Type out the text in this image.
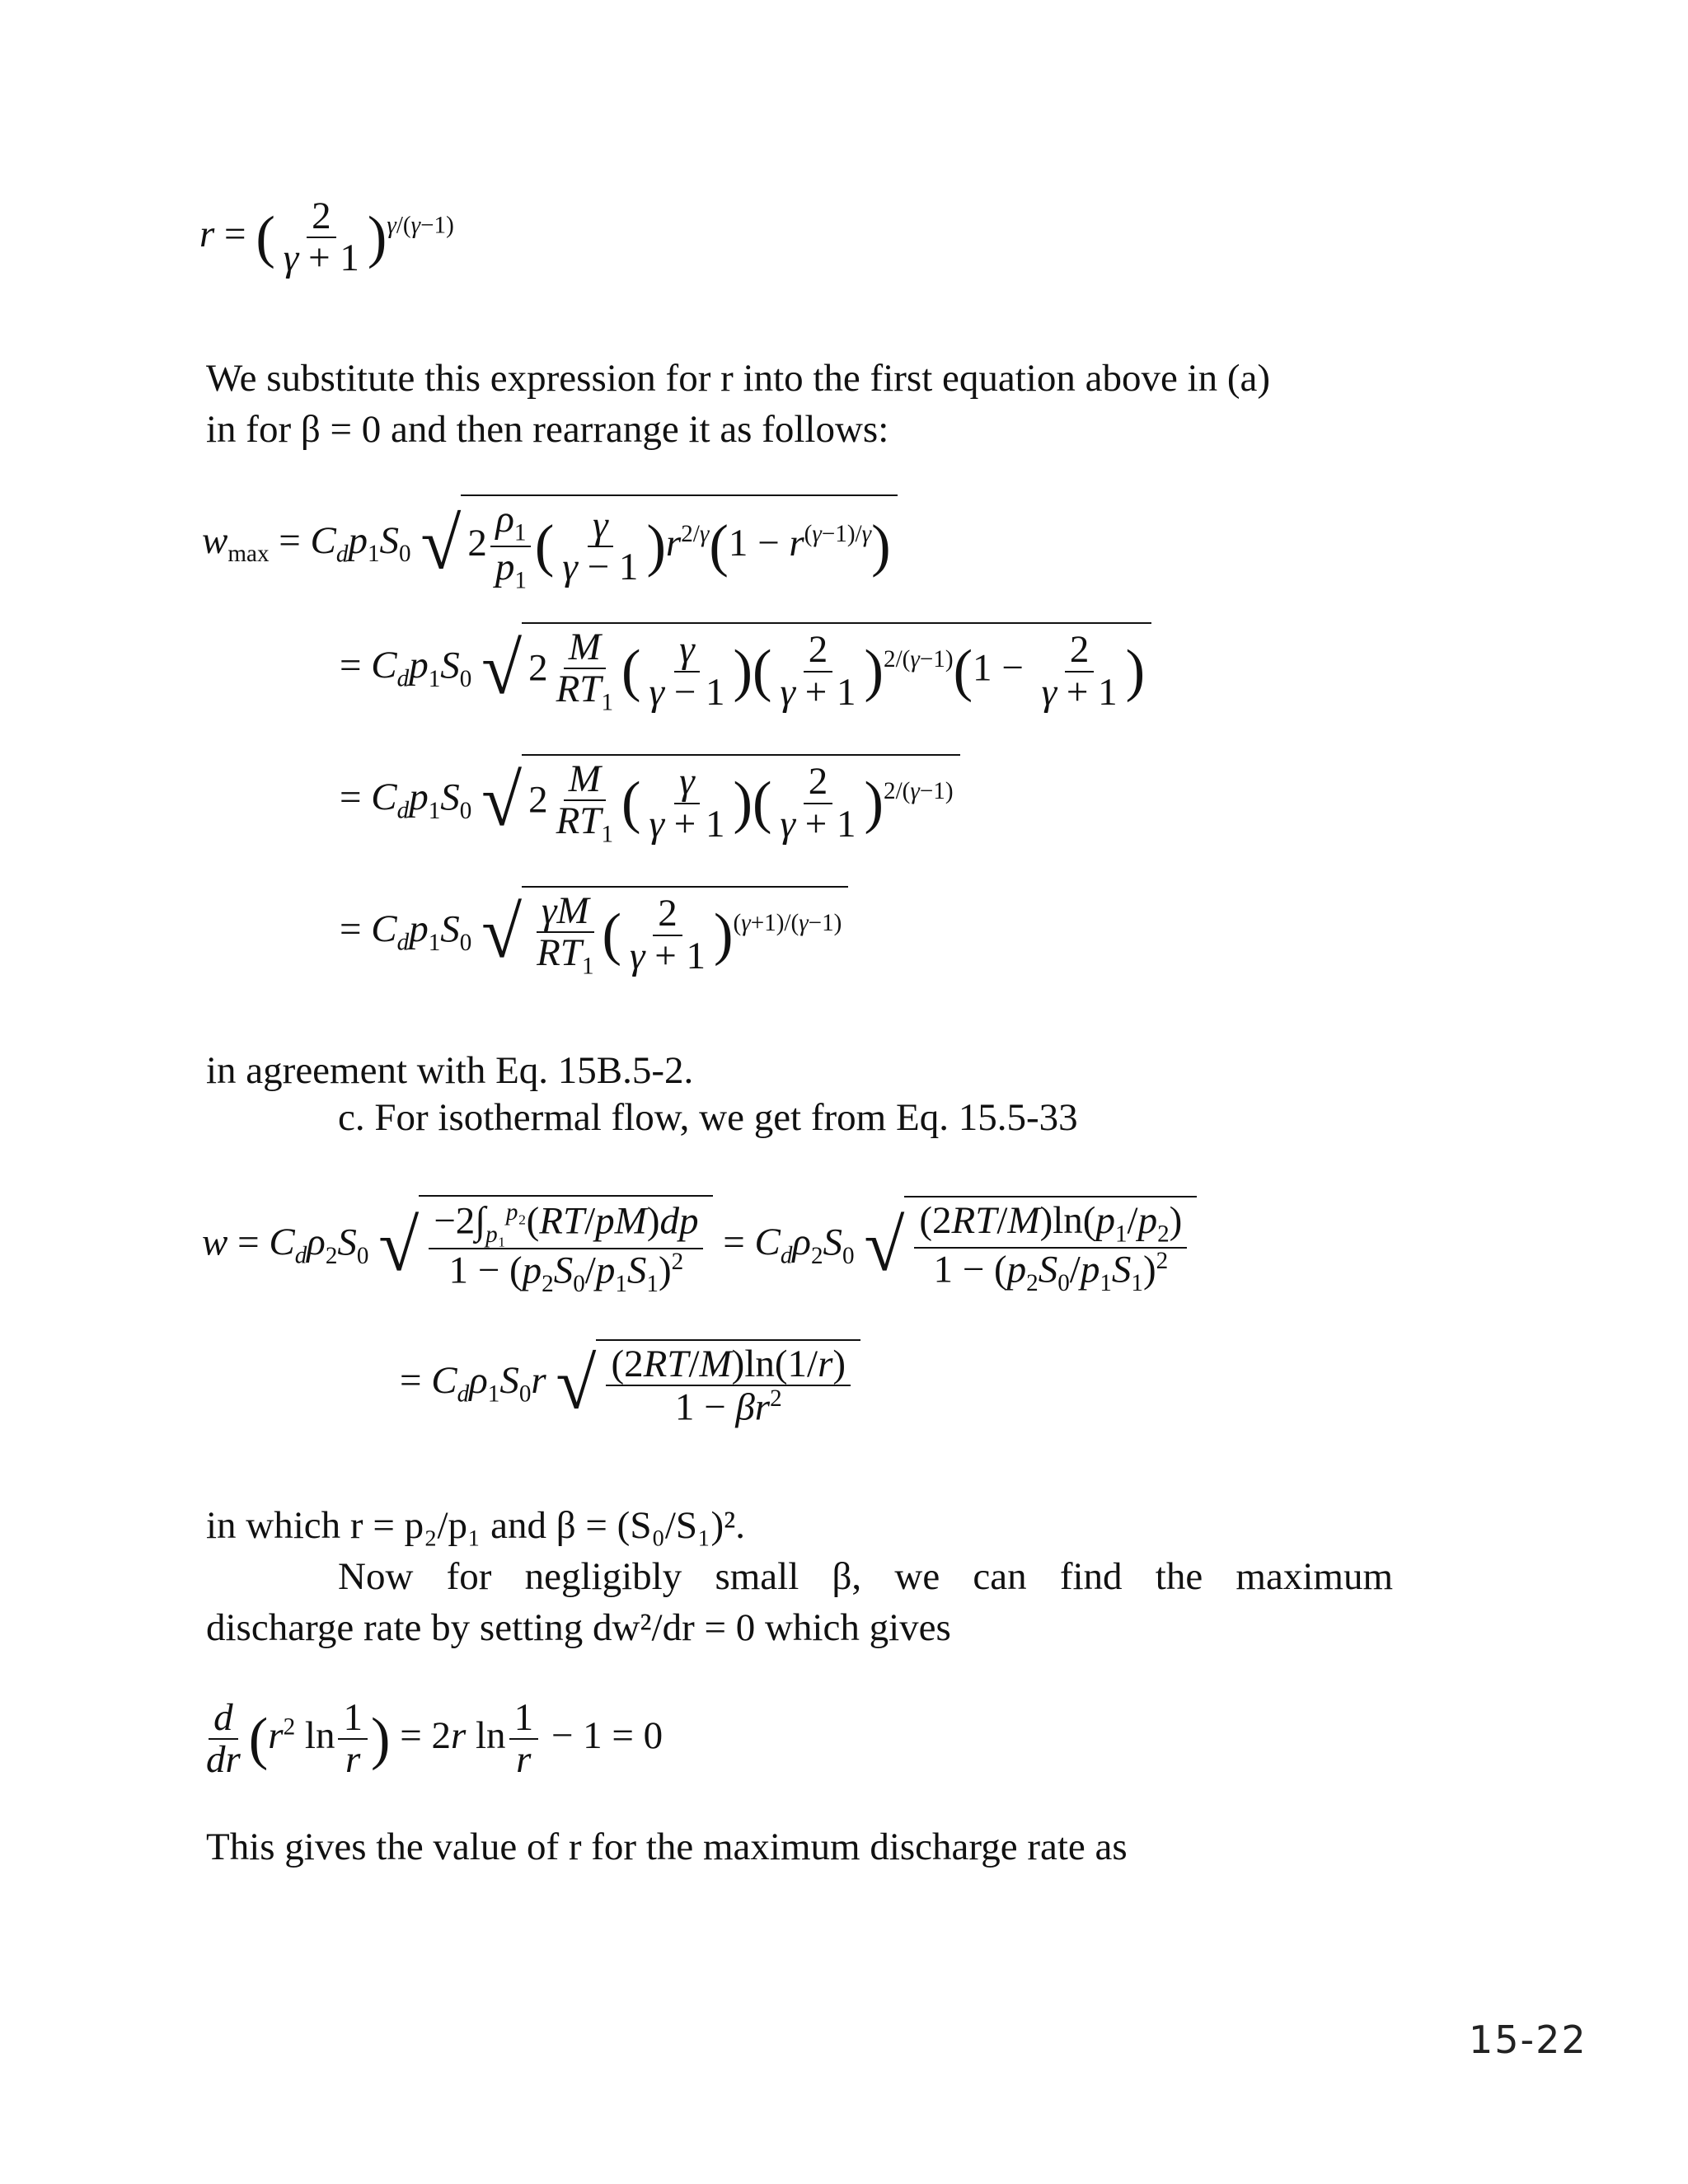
r = ( $\frac{2}{\gamma + 1} )^{\gamma/(\gamma-1)}$
We substitute this expression for r into the first equation above in (a)
in for β = 0 and then rearrange it as follows:
$w_{max} = C_dp_1S_0$ √ $2 \frac{\rho_1}{p_1}$ ( $\frac{\gamma}{\gamma - 1} )r^{2/\gamma}(1 - r^{(\gamma-1)/\gamma})$
= $C_dp_1S_0$ √ $2 \frac{M}{RT_1}$ ( $\frac{\gamma}{\gamma - 1}$ )( $\frac{2}{\gamma + 1} )^{2/(\gamma-1)}(1 - \frac{2}{\gamma + 1}$ )
= $C_dp_1S_0$ √ $2 \frac{M}{RT_1}$ ( $\frac{\gamma}{\gamma + 1}$ )( $\frac{2}{\gamma + 1} )^{2/(\gamma-1)}$
= $C_dp_1S_0$ √ $\frac{\gamma M}{RT_1}$ ( $\frac{2}{\gamma + 1} )^{(\gamma+1)/(\gamma-1)}$
in agreement with Eq. 15B.5-2.
c. For isothermal flow, we get from Eq. 15.5-33
$w = C_d\rho_2S_0$ √ $\frac{-2\int_{p_1}^{p_2}(RT/pM)dp}{1 - (p_2S_0/p_1S_1)^2} = C_d\rho_2S_0$ √ $\frac{(2RT/M)\ln(p_1/p_2)}{1 - (p_2S_0/p_1S_1)^2}$
= $C_d\rho_1S_0r$ √ $\frac{(2RT/M)\ln(1/r)}{1 - \beta r^2}$
in which r = p₂/p₁ and β = (S₀/S₁)².
Now for negligibly small β, we can find the maximum
discharge rate by setting dw²/dr = 0 which gives
$\frac{d}{dr} (r^2$ $\ln \frac{1}{r}$ ) = 2r $\ln \frac{1}{r} - 1 = 0$
This gives the value of r for the maximum discharge rate as
15-22
